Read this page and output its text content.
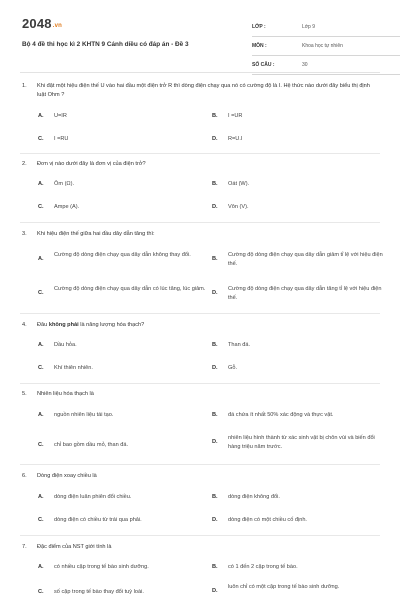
2048.vn
Bộ 4 đề thi học kì 2 KHTN 9 Cánh diều có đáp án - Đề 3
LỚP :	Lớp 9
MÔN :	Khoa học tự nhiên
SỐ CÂU :	30
1. Khi đặt một hiệu điện thế U vào hai đầu một điện trở R thì dòng điện chạy qua nó có cường độ là I. Hệ thức nào dưới đây biểu thị định luật Ohm ?
A. U=IR	B. I =UR
C. I =RU	D. R=U.I
2. Đơn vị nào dưới đây là đơn vị của điện trở?
A. Ôm (Ω).	B. Oát (W).
C. Ampe (A).	D. Vôn (V).
3. Khi hiệu điện thế giữa hai đầu dây dẫn tăng thì:
A.
Cường độ dòng điện chạy qua dây dẫn không thay đổi.
B.
Cường độ dòng điện chạy qua dây dẫn giảm tỉ lệ với hiệu điện thế.
C.
Cường độ dòng điện chạy qua dây dẫn có lúc tăng, lúc giảm.
D.
Cường độ dòng điện chạy qua dây dẫn tăng tỉ lệ với hiệu điện thế.
4. Đâu không phải là năng lượng hóa thạch?
A. Dầu hỏa.	B. Than đá.
C. Khí thiên nhiên.	D. Gỗ.
5. Nhiên liệu hóa thạch là
A. nguồn nhiên liệu tái tạo.	B. đá chứa ít nhất 50% xác động và thực vật.
C. chỉ bao gồm dầu mỏ, than đá.	D.
nhiên liệu hình thành từ xác sinh vật bị chôn vùi và biến đổi hàng triệu năm trước.
6. Dòng điện xoay chiều là
A. dòng điện luân phiên đổi chiều.	B. dòng điện không đổi.
C. dòng điện có chiều từ trái qua phải.	D. dòng điện có một chiều cố định.
7. Đặc điểm của NST giới tính là
A. có nhiều cặp trong tế bào sinh dưỡng.	B. có 1 đến 2 cặp trong tế bào.
C. số cặp trong tế bào thay đổi tuỳ loài.	D.
luôn chỉ có một cặp trong tế bào sinh dưỡng.
